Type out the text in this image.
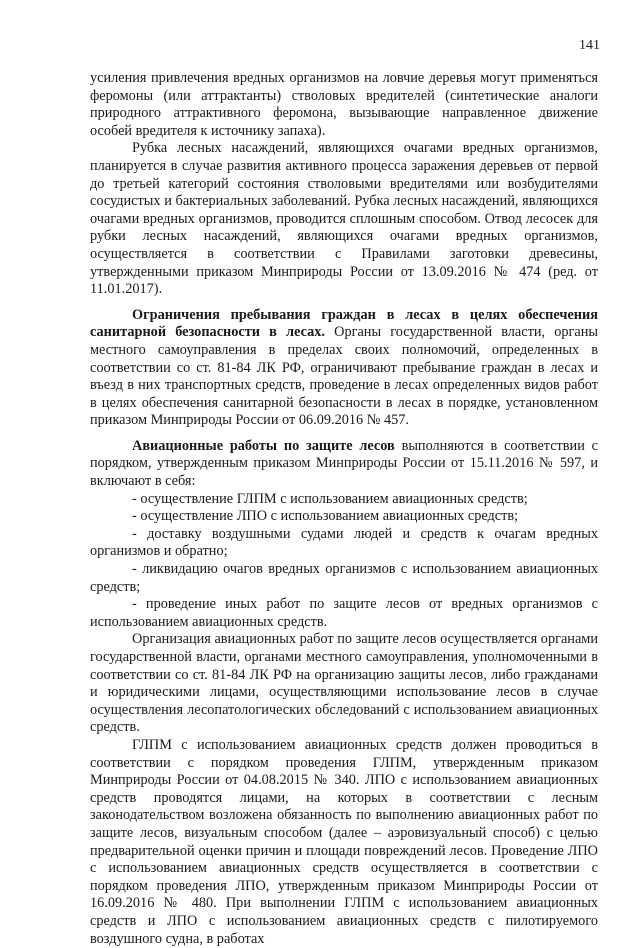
141

усиления привлечения вредных организмов на ловчие деревья могут применяться феромоны (или аттрактанты) стволовых вредителей (синтетические аналоги природного аттрактивного феромона, вызывающие направленное движение особей вредителя к источнику запаха).

Рубка лесных насаждений, являющихся очагами вредных организмов, планируется в случае развития активного процесса заражения деревьев от первой до третьей категорий состояния стволовыми вредителями или возбудителями сосудистых и бактериальных заболеваний. Рубка лесных насаждений, являющихся очагами вредных организмов, проводится сплошным способом. Отвод лесосек для рубки лесных насаждений, являющихся очагами вредных организмов, осуществляется в соответствии с Правилами заготовки древесины, утвержденными приказом Минприроды России от 13.09.2016 № 474 (ред. от 11.01.2017).

Ограничения пребывания граждан в лесах в целях обеспечения санитарной безопасности в лесах. Органы государственной власти, органы местного самоуправления в пределах своих полномочий, определенных в соответствии со ст. 81-84 ЛК РФ, ограничивают пребывание граждан в лесах и въезд в них транспортных средств, проведение в лесах определенных видов работ в целях обеспечения санитарной безопасности в лесах в порядке, установленном приказом Минприроды России от 06.09.2016 № 457.

Авиационные работы по защите лесов выполняются в соответствии с порядком, утвержденным приказом Минприроды России от 15.11.2016 № 597, и включают в себя:

- осуществление ГЛПМ с использованием авиационных средств;

- осуществление ЛПО с использованием авиационных средств;

- доставку воздушными судами людей и средств к очагам вредных организмов и обратно;

- ликвидацию очагов вредных организмов с использованием авиационных средств;

- проведение иных работ по защите лесов от вредных организмов с использованием авиационных средств.

Организация авиационных работ по защите лесов осуществляется органами государственной власти, органами местного самоуправления, уполномоченными в соответствии со ст. 81-84 ЛК РФ на организацию защиты лесов, либо гражданами и юридическими лицами, осуществляющими использование лесов в случае осуществления лесопатологических обследований с использованием авиационных средств.

ГЛПМ с использованием авиационных средств должен проводиться в соответствии с порядком проведения ГЛПМ, утвержденным приказом Минприроды России от 04.08.2015 № 340. ЛПО с использованием авиационных средств проводятся лицами, на которых в соответствии с лесным законодательством возложена обязанность по выполнению авиационных работ по защите лесов, визуальным способом (далее – аэровизуальный способ) с целью предварительной оценки причин и площади повреждений лесов. Проведение ЛПО с использованием авиационных средств осуществляется в соответствии с порядком проведения ЛПО, утвержденным приказом Минприроды России от 16.09.2016 № 480. При выполнении ГЛПМ с использованием авиационных средств и ЛПО с использованием авиационных средств с пилотируемого воздушного судна, в работах
